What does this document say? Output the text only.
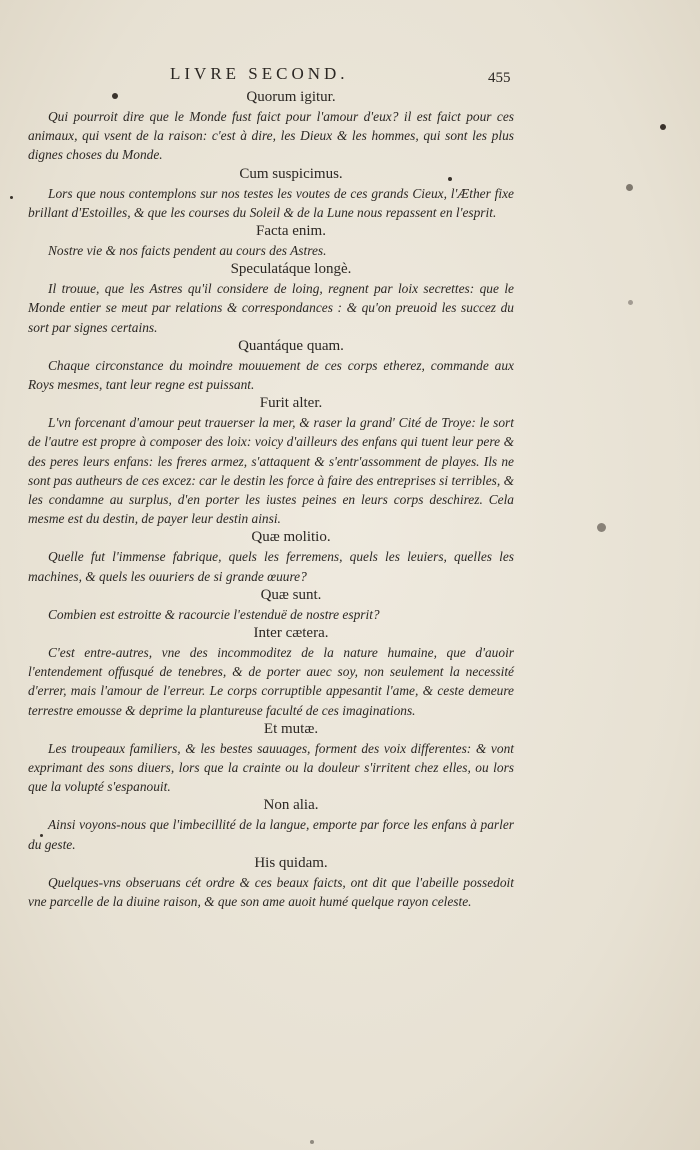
LIVRE SECOND.	455

Quorum igitur.

Qui pourroit dire que le Monde fust faict pour l'amour d'eux? il est faict pour ces animaux, qui vsent de la raison: c'est à dire, les Dieux & les hommes, qui sont les plus dignes choses du Monde.

Cum suspicimus.

Lors que nous contemplons sur nos testes les voutes de ces grands Cieux, l'Æther fixe brillant d'Estoilles, & que les courses du Soleil & de la Lune nous repassent en l'esprit.

Facta enim.

Nostre vie & nos faicts pendent au cours des Astres.

Speculatáque longè.

Il trouue, que les Astres qu'il considere de loing, regnent par loix secrettes: que le Monde entier se meut par relations & correspondances : & qu'on preuoid les succez du sort par signes certains.

Quantáque quam.

Chaque circonstance du moindre mouuement de ces corps etherez, commande aux Roys mesmes, tant leur regne est puissant.

Furit alter.

L'vn forcenant d'amour peut trauerser la mer, & raser la grand' Cité de Troye: le sort de l'autre est propre à composer des loix: voicy d'ailleurs des enfans qui tuent leur pere & des peres leurs enfans: les freres armez, s'attaquent & s'entr'assomment de playes. Ils ne sont pas autheurs de ces excez: car le destin les force à faire des entreprises si terribles, & les condamne au surplus, d'en porter les iustes peines en leurs corps deschirez. Cela mesme est du destin, de payer leur destin ainsi.

Quæ molitio.

Quelle fut l'immense fabrique, quels les ferremens, quels les leuiers, quelles les machines, & quels les ouuriers de si grande œuure?

Quæ sunt.

Combien est estroitte & racourcie l'estenduë de nostre esprit?

Inter cætera.

C'est entre-autres, vne des incommoditez de la nature humaine, que d'auoir l'entendement offusqué de tenebres, & de porter auec soy, non seulement la necessité d'errer, mais l'amour de l'erreur. Le corps corruptible appesantit l'ame, & ceste demeure terrestre emousse & deprime la plantureuse faculté de ces imaginations.

Et mutæ.

Les troupeaux familiers, & les bestes sauuages, forment des voix differentes: & vont exprimant des sons diuers, lors que la crainte ou la douleur s'irritent chez elles, ou lors que la volupté s'espanouit.

Non alia.

Ainsi voyons-nous que l'imbecillité de la langue, emporte par force les enfans à parler du geste.

His quidam.

Quelques-vns obseruans cét ordre & ces beaux faicts, ont dit que l'abeille possedoit vne parcelle de la diuine raison, & que son ame auoit humé quelque rayon celeste.
